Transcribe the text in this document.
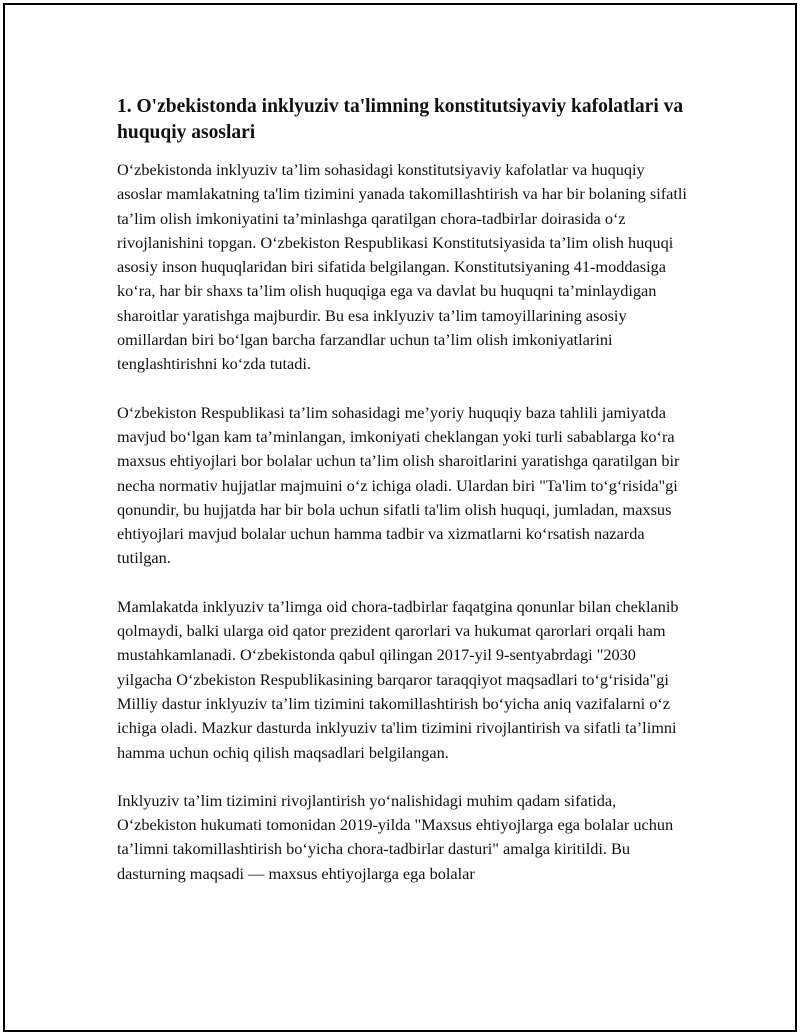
1. O'zbekistonda inklyuziv ta'limning konstitutsiyaviy kafolatlari va huquqiy asoslari

O‘zbekistonda inklyuziv ta’lim sohasidagi konstitutsiyaviy kafolatlar va huquqiy asoslar mamlakatning ta'lim tizimini yanada takomillashtirish va har bir bolaning sifatli ta’lim olish imkoniyatini ta’minlashga qaratilgan chora-tadbirlar doirasida o‘z rivojlanishini topgan. O‘zbekiston Respublikasi Konstitutsiyasida ta’lim olish huquqi asosiy inson huquqlaridan biri sifatida belgilangan. Konstitutsiyaning 41-moddasiga ko‘ra, har bir shaxs ta’lim olish huquqiga ega va davlat bu huquqni ta’minlaydigan sharoitlar yaratishga majburdir. Bu esa inklyuziv ta’lim tamoyillarining asosiy omillardan biri bo‘lgan barcha farzandlar uchun ta’lim olish imkoniyatlarini tenglashtirishni ko‘zda tutadi.

O‘zbekiston Respublikasi ta’lim sohasidagi me’yoriy huquqiy baza tahlili jamiyatda mavjud bo‘lgan kam ta’minlangan, imkoniyati cheklangan yoki turli sabablarga ko‘ra maxsus ehtiyojlari bor bolalar uchun ta’lim olish sharoitlarini yaratishga qaratilgan bir necha normativ hujjatlar majmuini o‘z ichiga oladi. Ulardan biri "Ta'lim to‘g‘risida"gi qonundir, bu hujjatda har bir bola uchun sifatli ta'lim olish huquqi, jumladan, maxsus ehtiyojlari mavjud bolalar uchun hamma tadbir va xizmatlarni ko‘rsatish nazarda tutilgan.

Mamlakatda inklyuziv ta’limga oid chora-tadbirlar faqatgina qonunlar bilan cheklanib qolmaydi, balki ularga oid qator prezident qarorlari va hukumat qarorlari orqali ham mustahkamlanadi. O‘zbekistonda qabul qilingan 2017-yil 9-sentyabrdagi "2030 yilgacha O‘zbekiston Respublikasining barqaror taraqqiyot maqsadlari to‘g‘risida"gi Milliy dastur inklyuziv ta’lim tizimini takomillashtirish bo‘yicha aniq vazifalarni o‘z ichiga oladi. Mazkur dasturda inklyuziv ta'lim tizimini rivojlantirish va sifatli ta’limni hamma uchun ochiq qilish maqsadlari belgilangan.

Inklyuziv ta’lim tizimini rivojlantirish yo‘nalishidagi muhim qadam sifatida, O‘zbekiston hukumati tomonidan 2019-yilda "Maxsus ehtiyojlarga ega bolalar uchun ta’limni takomillashtirish bo‘yicha chora-tadbirlar dasturi" amalga kiritildi. Bu dasturning maqsadi — maxsus ehtiyojlarga ega bolalar
